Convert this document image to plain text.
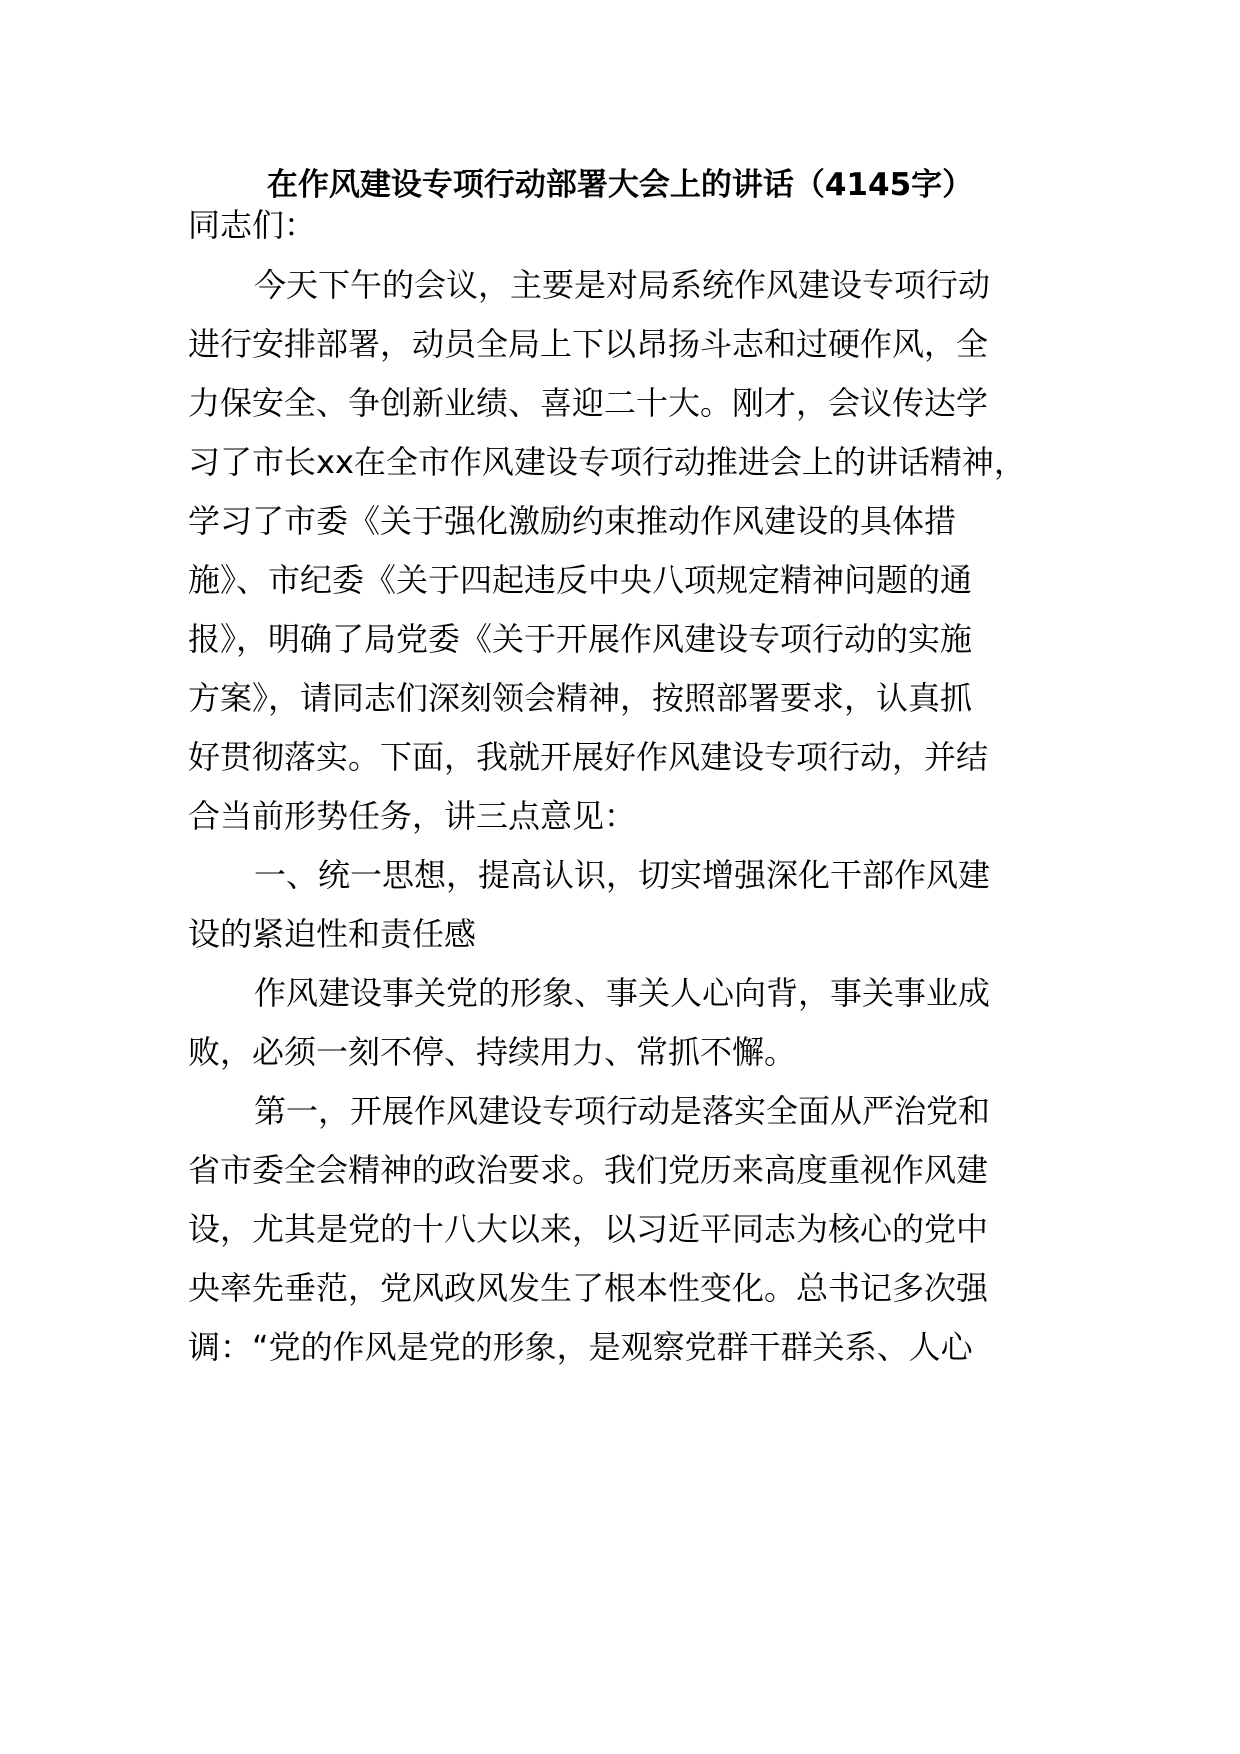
在作风建设专项行动部署大会上的讲话（4145字）
同志们：
今天下午的会议，主要是对局系统作风建设专项行动
进行安排部署，动员全局上下以昂扬斗志和过硬作风，全
力保安全、争创新业绩、喜迎二十大。刚才，会议传达学
习了市长xx在全市作风建设专项行动推进会上的讲话精神，
学习了市委《关于强化激励约束推动作风建设的具体措
施》、市纪委《关于四起违反中央八项规定精神问题的通
报》，明确了局党委《关于开展作风建设专项行动的实施
方案》，请同志们深刻领会精神，按照部署要求，认真抓
好贯彻落实。下面，我就开展好作风建设专项行动，并结
合当前形势任务，讲三点意见：
一、统一思想，提高认识，切实增强深化干部作风建
设的紧迫性和责任感
作风建设事关党的形象、事关人心向背，事关事业成
败，必须一刻不停、持续用力、常抓不懈。
第一，开展作风建设专项行动是落实全面从严治党和
省市委全会精神的政治要求。我们党历来高度重视作风建
设，尤其是党的十八大以来，以习近平同志为核心的党中
央率先垂范，党风政风发生了根本性变化。总书记多次强
调：“党的作风是党的形象，是观察党群干群关系、人心
